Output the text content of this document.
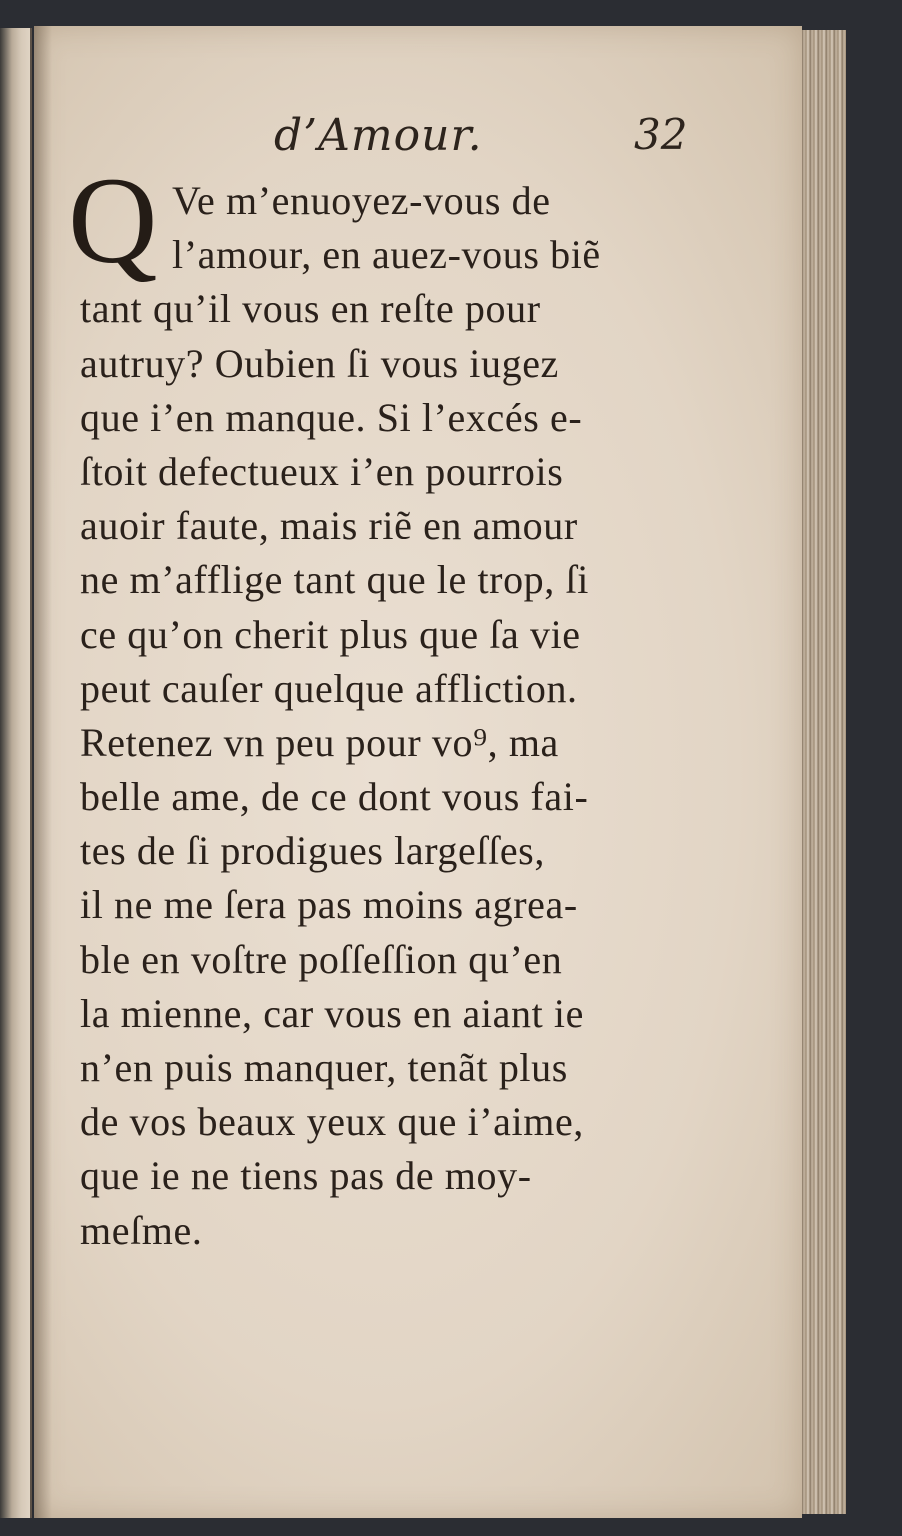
d’Amour.	32
Q Ve m’enuoyez-vous de
l’amour, en auez-vous biẽ
tant qu’il vous en reſte pour
autruy? Oubien ſi vous iugez
que i’en manque. Si l’excés e-
ſtoit defectueux i’en pourrois
auoir faute, mais riẽ en amour
ne m’afflige tant que le trop, ſi
ce qu’on cherit plus que ſa vie
peut cauſer quelque affliction.
Retenez vn peu pour vo⁹, ma
belle ame, de ce dont vous fai-
tes de ſi prodigues largeſſes,
il ne me ſera pas moins agrea-
ble en voſtre poſſeſſion qu’en
la mienne, car vous en aiant ie
n’en puis manquer, tenãt plus
de vos beaux yeux que i’aime,
que ie ne tiens pas de moy-
meſme.
